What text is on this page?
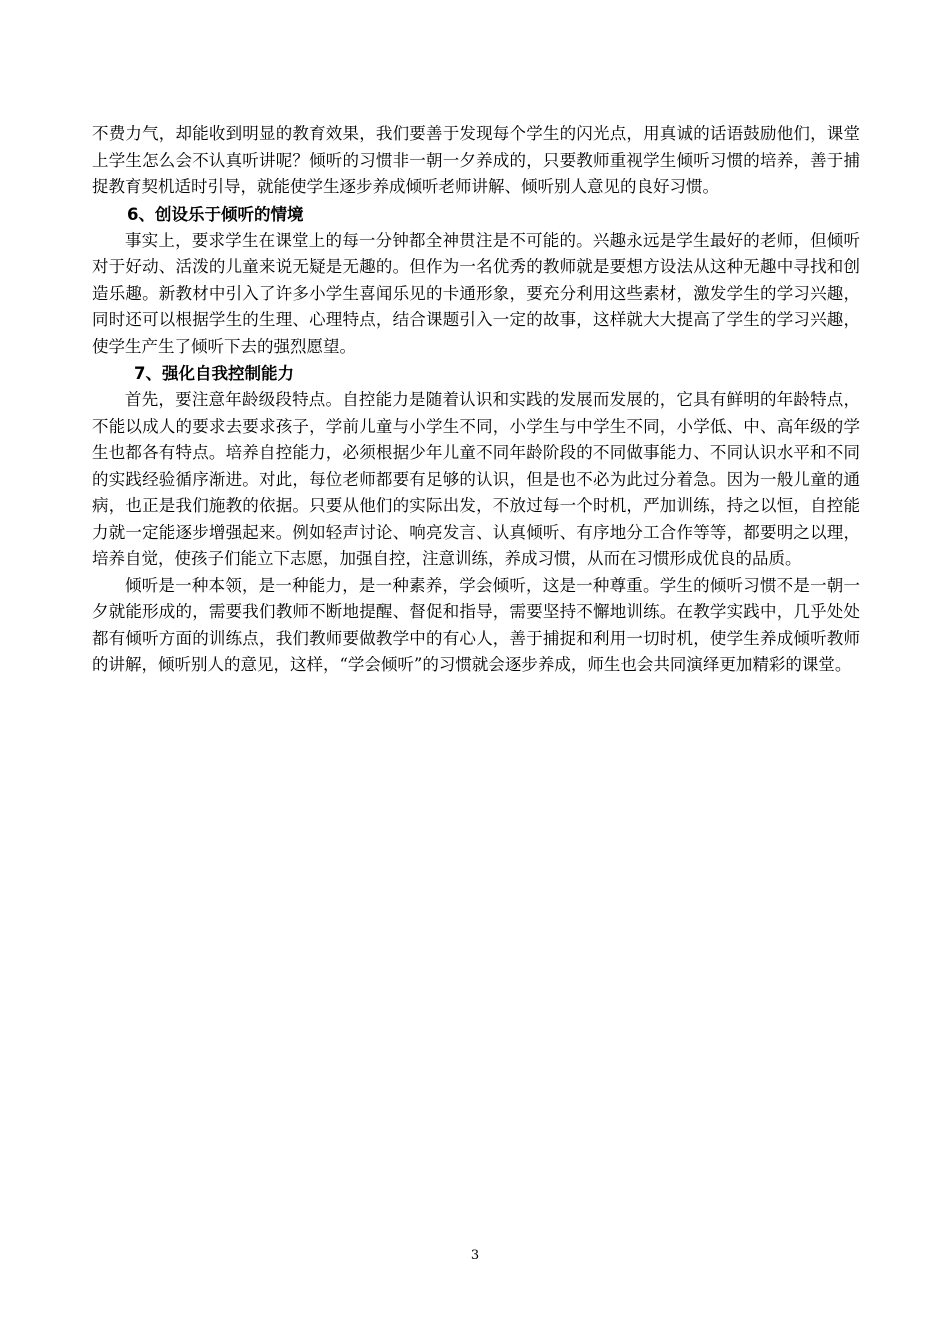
不费力气，却能收到明显的教育效果，我们要善于发现每个学生的闪光点，用真诚的话语鼓励他们，课堂上学生怎么会不认真听讲呢？倾听的习惯非一朝一夕养成的，只要教师重视学生倾听习惯的培养，善于捕捉教育契机适时引导，就能使学生逐步养成倾听老师讲解、倾听别人意见的良好习惯。

6、创设乐于倾听的情境

事实上，要求学生在课堂上的每一分钟都全神贯注是不可能的。兴趣永远是学生最好的老师，但倾听对于好动、活泼的儿童来说无疑是无趣的。但作为一名优秀的教师就是要想方设法从这种无趣中寻找和创造乐趣。新教材中引入了许多小学生喜闻乐见的卡通形象，要充分利用这些素材，激发学生的学习兴趣，同时还可以根据学生的生理、心理特点，结合课题引入一定的故事，这样就大大提高了学生的学习兴趣，使学生产生了倾听下去的强烈愿望。

7、强化自我控制能力

首先，要注意年龄级段特点。自控能力是随着认识和实践的发展而发展的，它具有鲜明的年龄特点，不能以成人的要求去要求孩子，学前儿童与小学生不同，小学生与中学生不同，小学低、中、高年级的学生也都各有特点。培养自控能力，必须根据少年儿童不同年龄阶段的不同做事能力、不同认识水平和不同的实践经验循序渐进。对此，每位老师都要有足够的认识，但是也不必为此过分着急。因为一般儿童的通病，也正是我们施教的依据。只要从他们的实际出发，不放过每一个时机，严加训练，持之以恒，自控能力就一定能逐步增强起来。例如轻声讨论、响亮发言、认真倾听、有序地分工合作等等，都要明之以理，培养自觉，使孩子们能立下志愿，加强自控，注意训练，养成习惯，从而在习惯形成优良的品质。

倾听是一种本领，是一种能力，是一种素养，学会倾听，这是一种尊重。学生的倾听习惯不是一朝一夕就能形成的，需要我们教师不断地提醒、督促和指导，需要坚持不懈地训练。在教学实践中，几乎处处都有倾听方面的训练点，我们教师要做教学中的有心人，善于捕捉和利用一切时机，使学生养成倾听教师的讲解，倾听别人的意见，这样，“学会倾听”的习惯就会逐步养成，师生也会共同演绎更加精彩的课堂。

3
